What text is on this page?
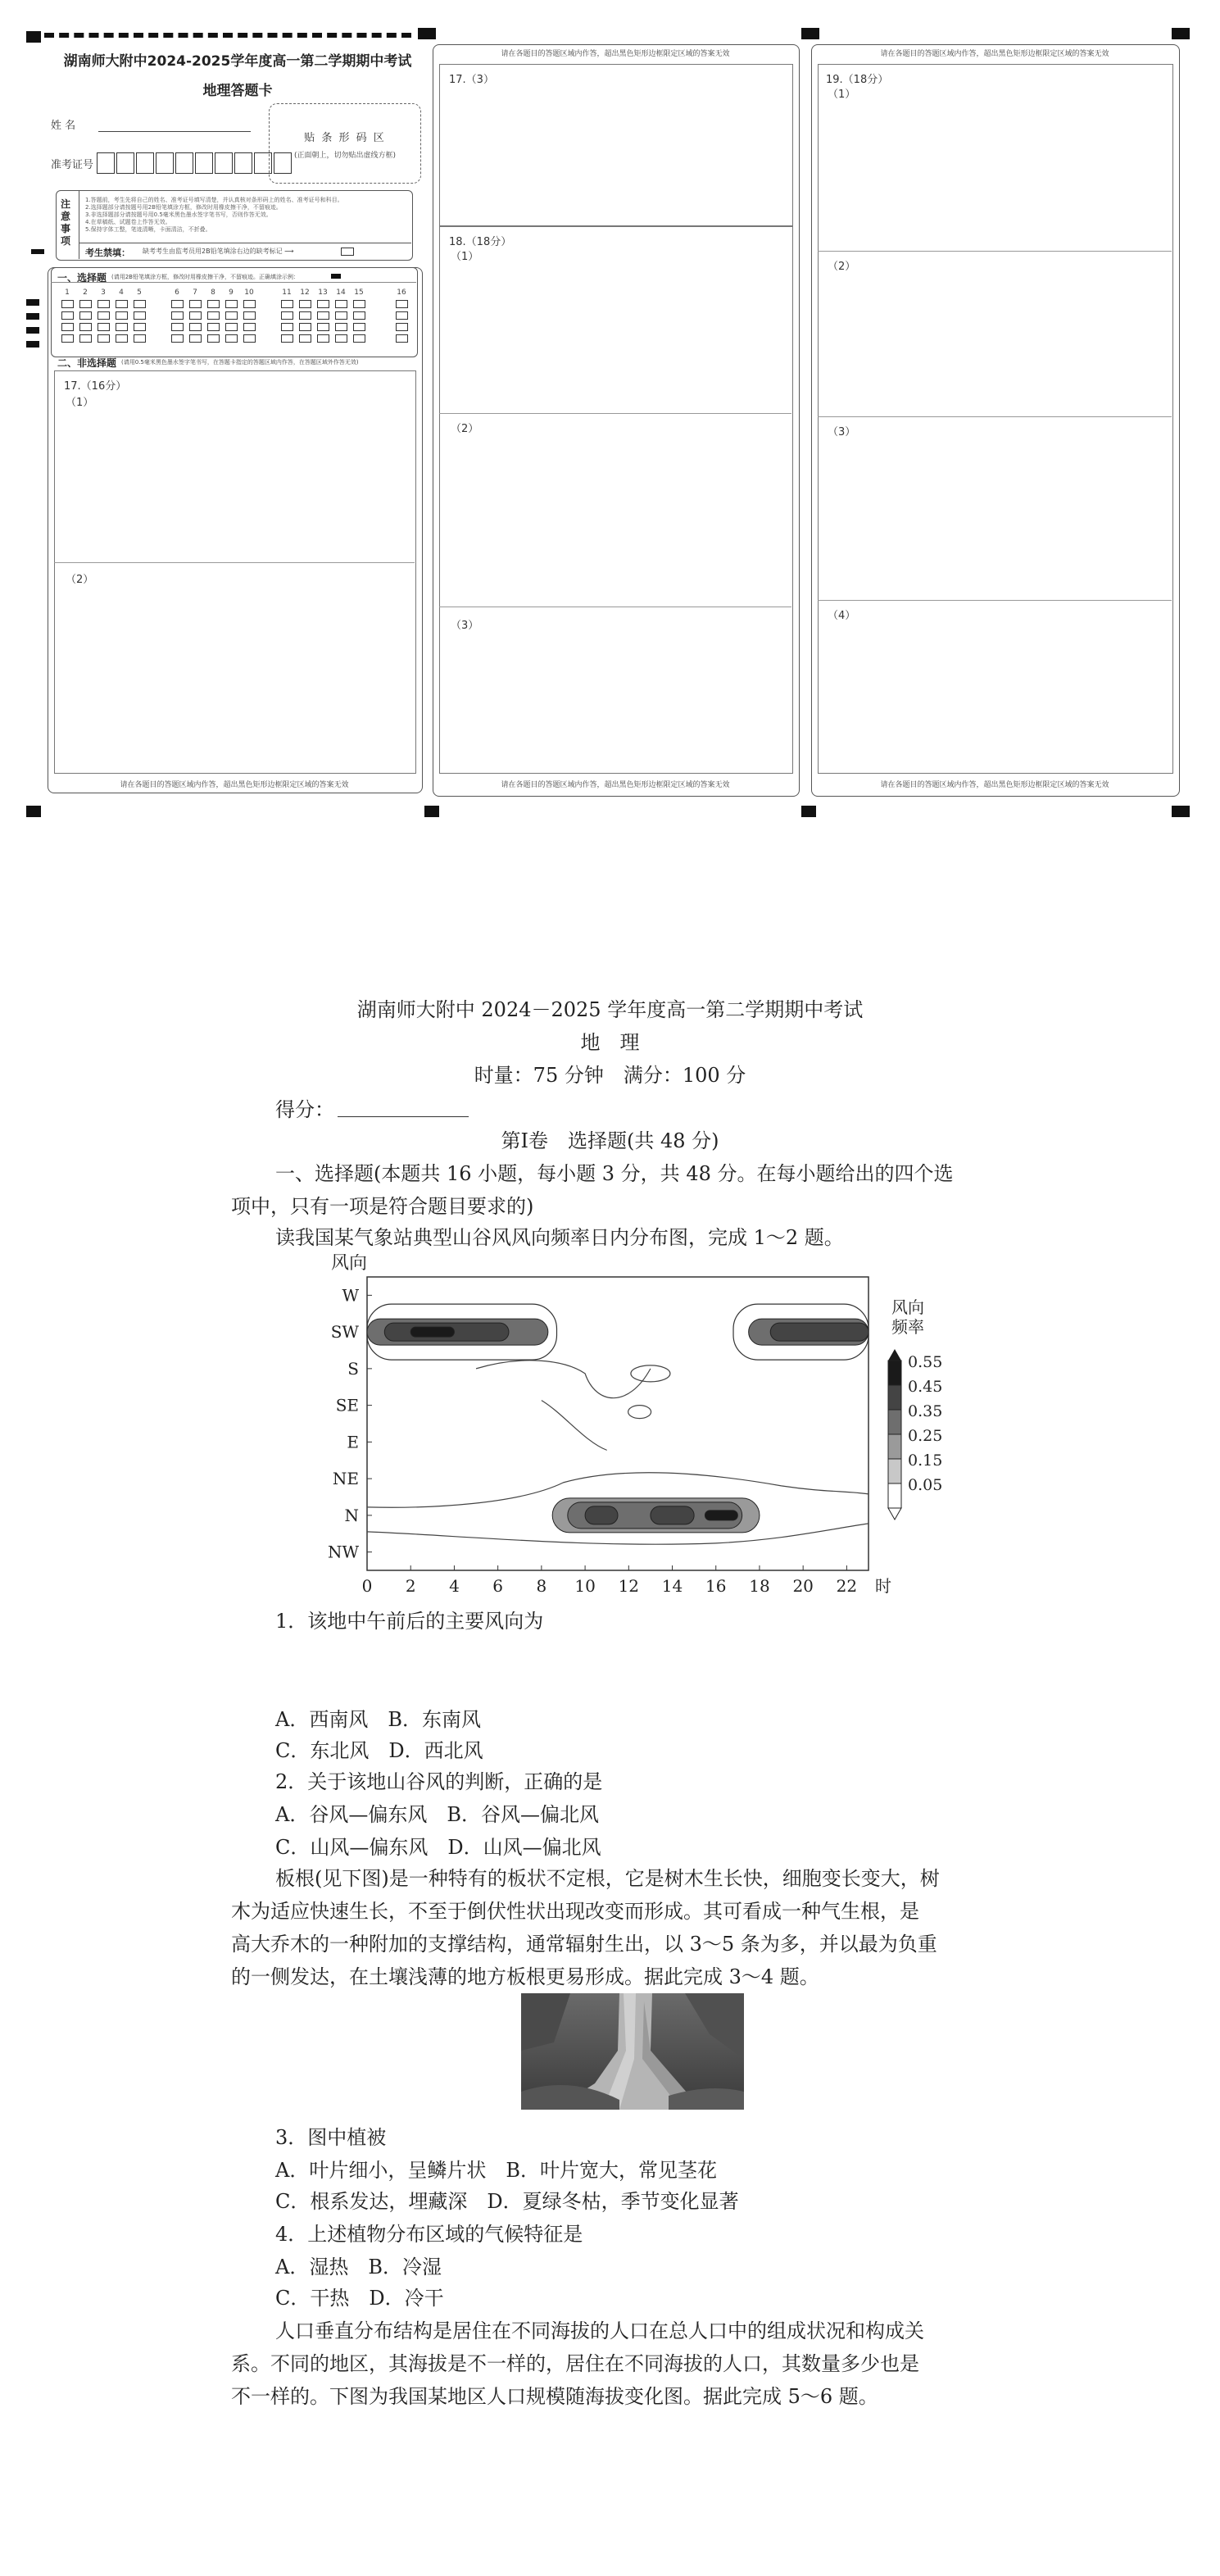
湖南师大附中2024-2025学年度高一第二学期期中考试
地理答题卡
姓 名
准考证号
贴 条 形 码 区
(正面朝上，切勿贴出虚线方框)
注意事项
1.答题前，考生先将自己的姓名、准考证号填写清楚，并认真核对条形码上的姓名、准考证号和科目。
2.选择题部分请按题号用2B铅笔填涂方框，修改时用橡皮擦干净，不留痕迹。
3.非选择题部分请按题号用0.5毫米黑色墨水签字笔书写，否则作答无效。
4.在草稿纸、试题卷上作答无效。
5.保持字体工整，笔迹清晰，卡面清洁，不折叠。
考生禁填： 缺考考生由监考员用2B铅笔填涂右边的缺考标记 ⟶
一、选择题 (请用2B铅笔填涂方框，修改时用橡皮擦干净，不留痕迹。正确填涂示例：
1	2	3	4	5	6	7	8	9	10	11	12	13	14	15	16
二、非选择题 (请用0.5毫米黑色墨水签字笔书写，在答题卡指定的答题区域内作答，在答题区域外作答无效)
17.（16分）
（1）
（2）
请在各题目的答题区域内作答，超出黑色矩形边框限定区域的答案无效
请在各题目的答题区域内作答，超出黑色矩形边框限定区域的答案无效
17.（3）
18.（18分）
（1）
（2）
（3）
请在各题目的答题区域内作答，超出黑色矩形边框限定区域的答案无效
请在各题目的答题区域内作答，超出黑色矩形边框限定区域的答案无效
19.（18分）
（1）
（2）
（3）
（4）
请在各题目的答题区域内作答，超出黑色矩形边框限定区域的答案无效
湖南师大附中 2024－2025 学年度高一第二学期期中考试
地　理
时量：75 分钟　满分：100 分
得分：
第Ⅰ卷　选择题(共 48 分)
一、选择题(本题共 16 小题，每小题 3 分，共 48 分。在每小题给出的四个选
项中，只有一项是符合题目要求的)
读我国某气象站典型山谷风风向频率日内分布图，完成 1～2 题。
风向
W
SW
S
SE
E
NE
N
NW
0 2 4 6 8 10 12 14 16 18 20 22 时
风向
频率
0.55
0.45
0.35
0.25
0.15
0.05
1．该地中午前后的主要风向为
A．西南风　B．东南风
C．东北风　D．西北风
2．关于该地山谷风的判断，正确的是
A．谷风—偏东风　B．谷风—偏北风
C．山风—偏东风　D．山风—偏北风
板根(见下图)是一种特有的板状不定根，它是树木生长快，细胞变长变大，树
木为适应快速生长，不至于倒伏性状出现改变而形成。其可看成一种气生根，是
高大乔木的一种附加的支撑结构，通常辐射生出，以 3～5 条为多，并以最为负重
的一侧发达，在土壤浅薄的地方板根更易形成。据此完成 3～4 题。
3．图中植被
A．叶片细小，呈鳞片状　B．叶片宽大，常见茎花
C．根系发达，埋藏深　D．夏绿冬枯，季节变化显著
4．上述植物分布区域的气候特征是
A．湿热　B．冷湿
C．干热　D．冷干
人口垂直分布结构是居住在不同海拔的人口在总人口中的组成状况和构成关
系。不同的地区，其海拔是不一样的，居住在不同海拔的人口，其数量多少也是
不一样的。下图为我国某地区人口规模随海拔变化图。据此完成 5～6 题。
